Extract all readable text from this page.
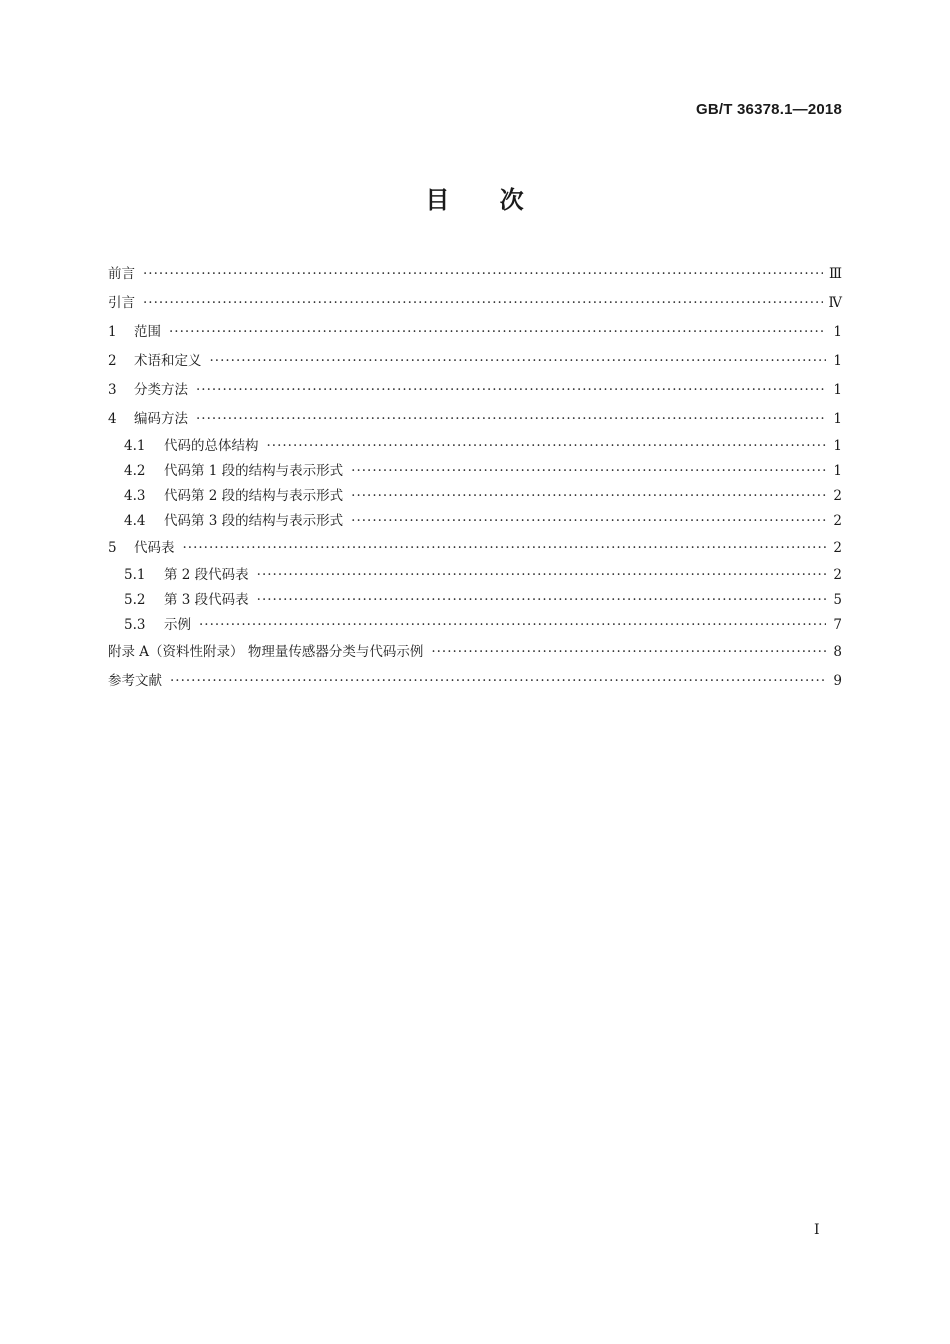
GB/T 36378.1—2018
目 次
前言 ·····	Ⅲ
引言 ·····	Ⅳ
1	范围 ·····	1
2	术语和定义 ·····	1
3	分类方法 ·····	1
4	编码方法 ·····	1
4.1	代码的总体结构 ·····	1
4.2	代码第 1 段的结构与表示形式 ·····	1
4.3	代码第 2 段的结构与表示形式 ·····	2
4.4	代码第 3 段的结构与表示形式 ·····	2
5	代码表 ·····	2
5.1	第 2 段代码表 ·····	2
5.2	第 3 段代码表 ·····	5
5.3	示例 ·····	7
附录 A（资料性附录） 物理量传感器分类与代码示例 ·····	8
参考文献 ·····	9
I
